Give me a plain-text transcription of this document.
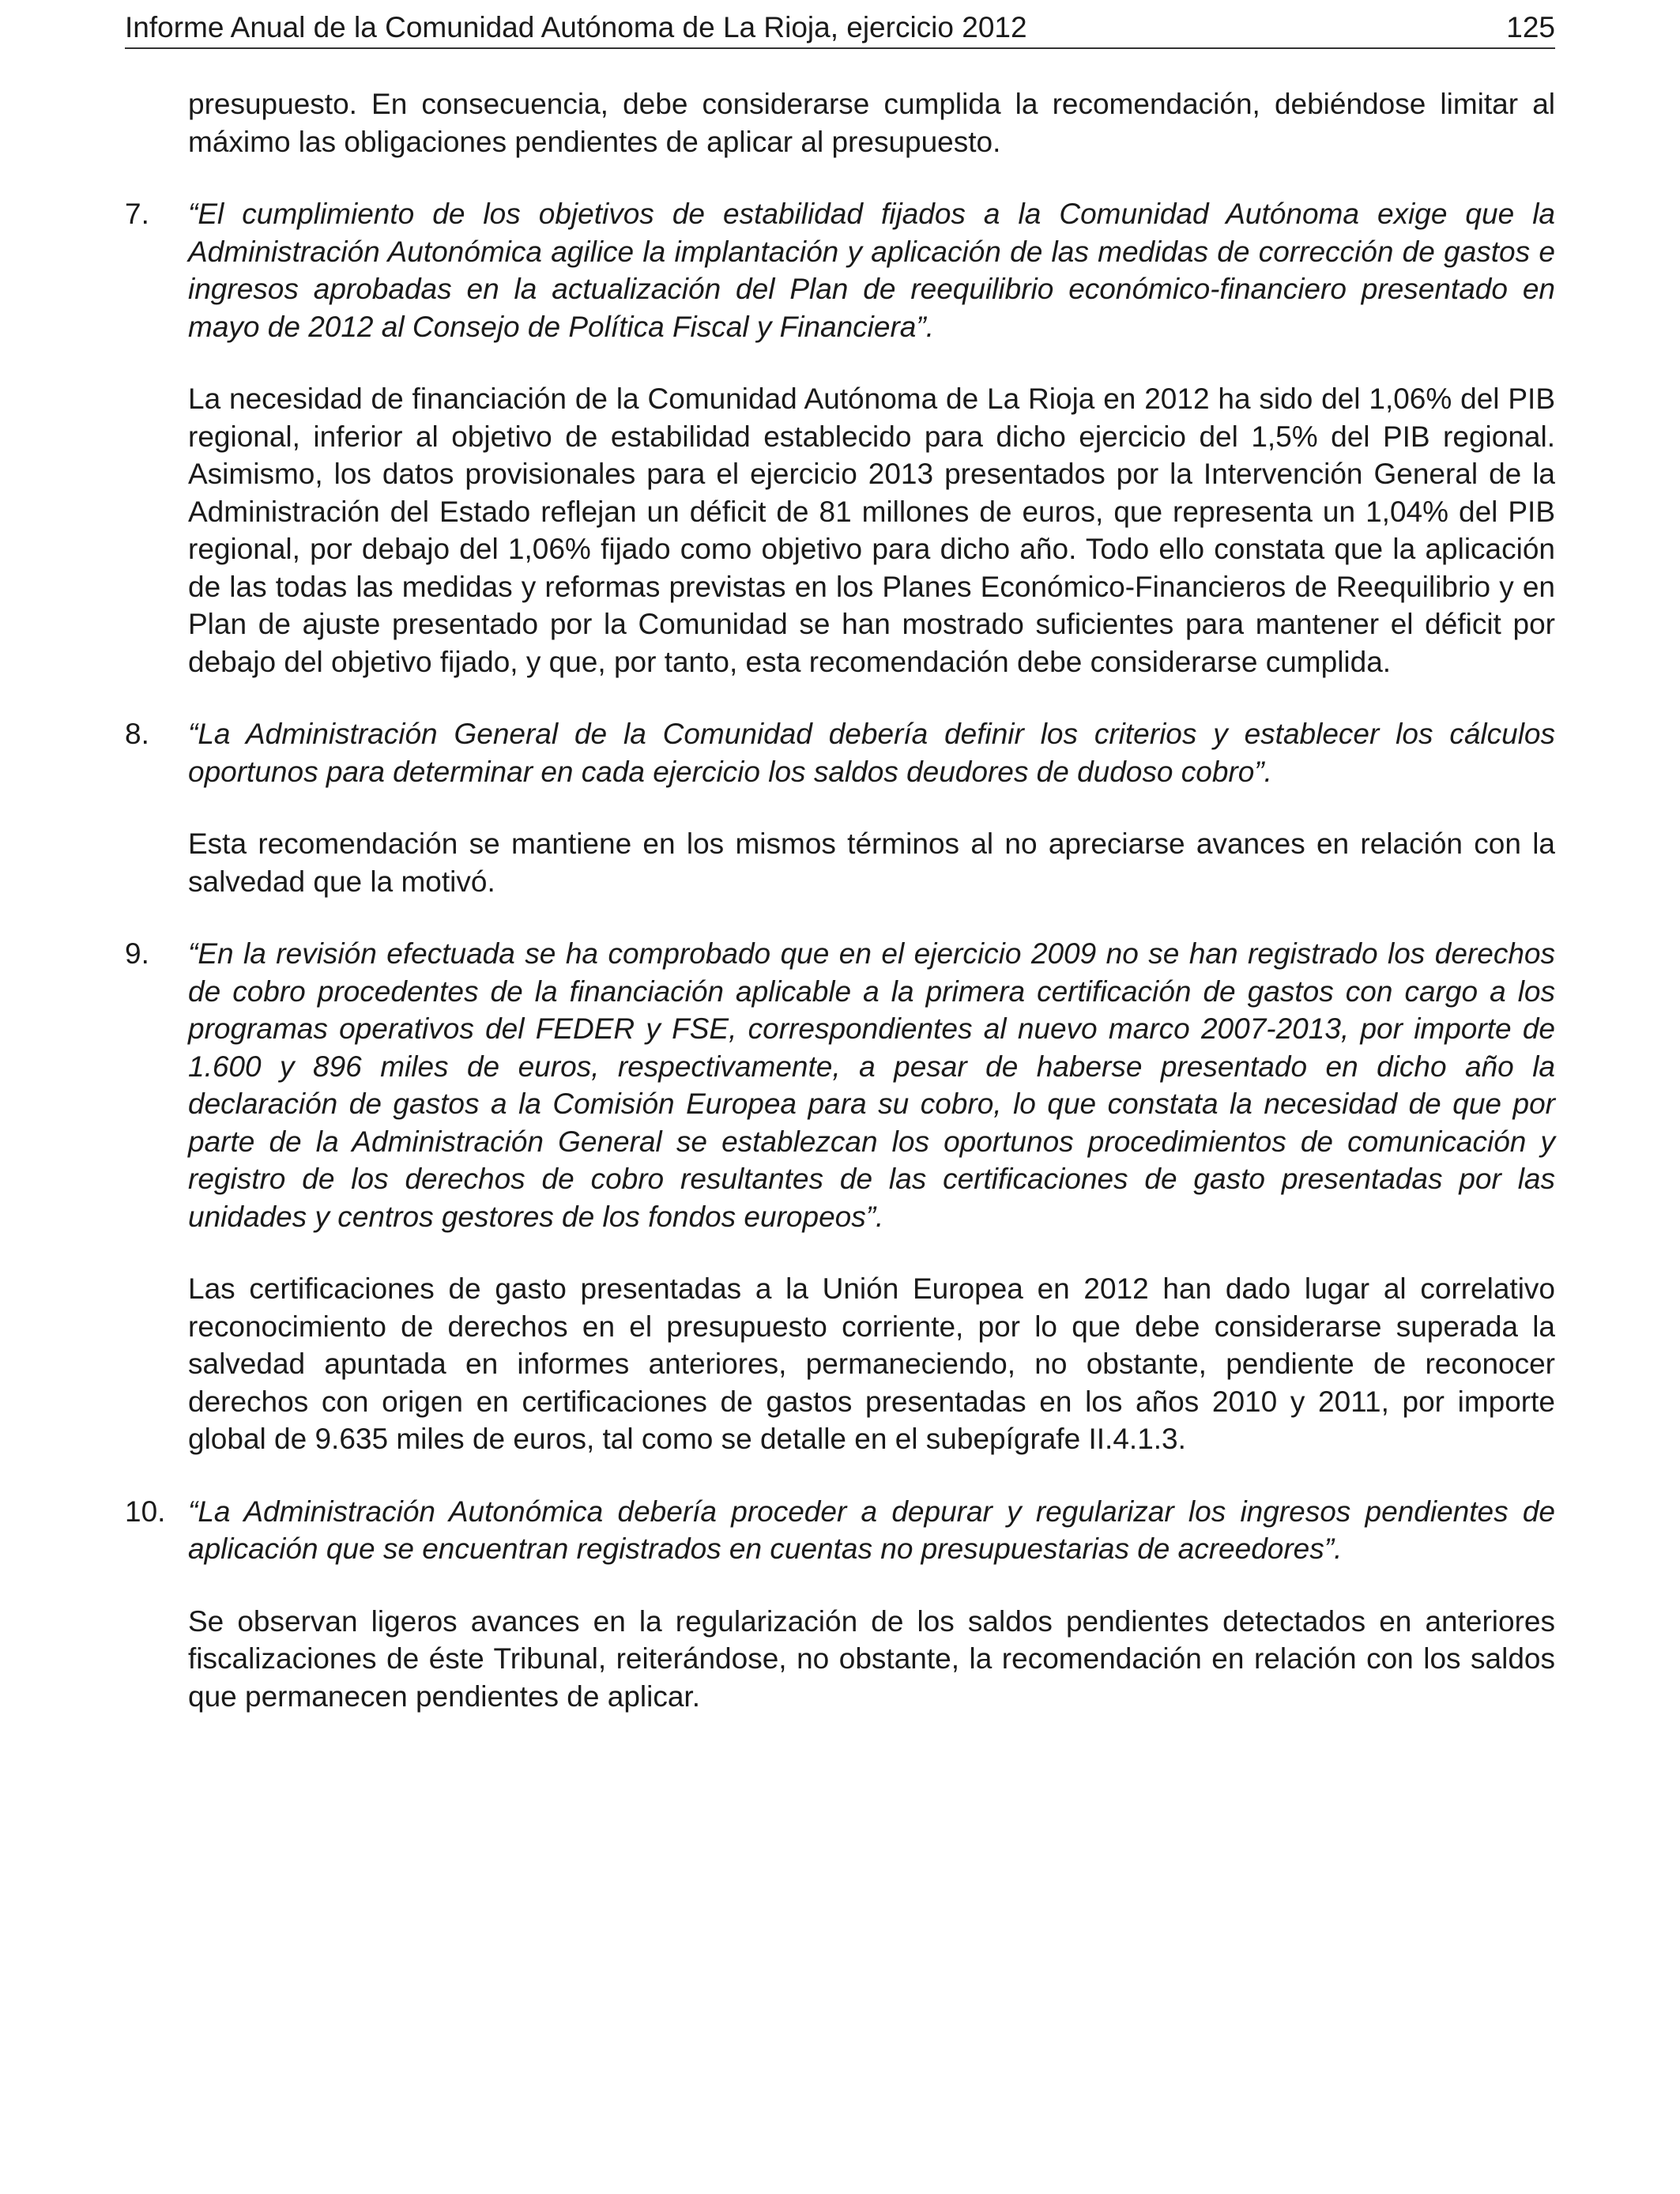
Informe Anual de la Comunidad Autónoma de La Rioja, ejercicio 2012	125

presupuesto. En consecuencia, debe considerarse cumplida la recomendación, debiéndose limitar al máximo las obligaciones pendientes de aplicar al presupuesto.

7.	“El cumplimiento de los objetivos de estabilidad fijados a la Comunidad Autónoma exige que la Administración Autonómica agilice la implantación y aplicación de las medidas de corrección de gastos e ingresos aprobadas en la actualización del Plan de reequilibrio económico-financiero presentado en mayo de 2012 al Consejo de Política Fiscal y Financiera”.

La necesidad de financiación de la Comunidad Autónoma de La Rioja en 2012 ha sido del 1,06% del PIB regional, inferior al objetivo de estabilidad establecido para dicho ejercicio del 1,5% del PIB regional. Asimismo, los datos provisionales para el ejercicio 2013 presentados por la Intervención General de la Administración del Estado reflejan un déficit de 81 millones de euros, que representa un 1,04% del PIB regional, por debajo del 1,06% fijado como objetivo para dicho año. Todo ello constata que la aplicación de las todas las medidas y reformas previstas en los Planes Económico-Financieros de Reequilibrio y en Plan de ajuste presentado por la Comunidad se han mostrado suficientes para mantener el déficit por debajo del objetivo fijado, y que, por tanto, esta recomendación debe considerarse cumplida.

8.	“La Administración General de la Comunidad debería definir los criterios y establecer los cálculos oportunos para determinar en cada ejercicio los saldos deudores de dudoso cobro”.

Esta recomendación se mantiene en los mismos términos al no apreciarse avances en relación con la salvedad que la motivó.

9.	“En la revisión efectuada se ha comprobado que en el ejercicio 2009 no se han registrado los derechos de cobro procedentes de la financiación aplicable a la primera certificación de gastos con cargo a los programas operativos del FEDER y FSE, correspondientes al nuevo marco 2007-2013, por importe de 1.600 y 896 miles de euros, respectivamente, a pesar de haberse presentado en dicho año la declaración de gastos a la Comisión Europea para su cobro, lo que constata la necesidad de que por parte de la Administración General se establezcan los oportunos procedimientos de comunicación y registro de los derechos de cobro resultantes de las certificaciones de gasto presentadas por las unidades y centros gestores de los fondos europeos”.

Las certificaciones de gasto presentadas a la Unión Europea en 2012 han dado lugar al correlativo reconocimiento de derechos en el presupuesto corriente, por lo que debe considerarse superada la salvedad apuntada en informes anteriores, permaneciendo, no obstante, pendiente de reconocer derechos con origen en certificaciones de gastos presentadas en los años 2010 y 2011, por importe global de 9.635 miles de euros, tal como se detalle en el subepígrafe II.4.1.3.

10. “La Administración Autonómica debería proceder a depurar y regularizar los ingresos pendientes de aplicación que se encuentran registrados en cuentas no presupuestarias de acreedores”.

Se observan ligeros avances en la regularización de los saldos pendientes detectados en anteriores fiscalizaciones de éste Tribunal, reiterándose, no obstante, la recomendación en relación con los saldos que permanecen pendientes de aplicar.
